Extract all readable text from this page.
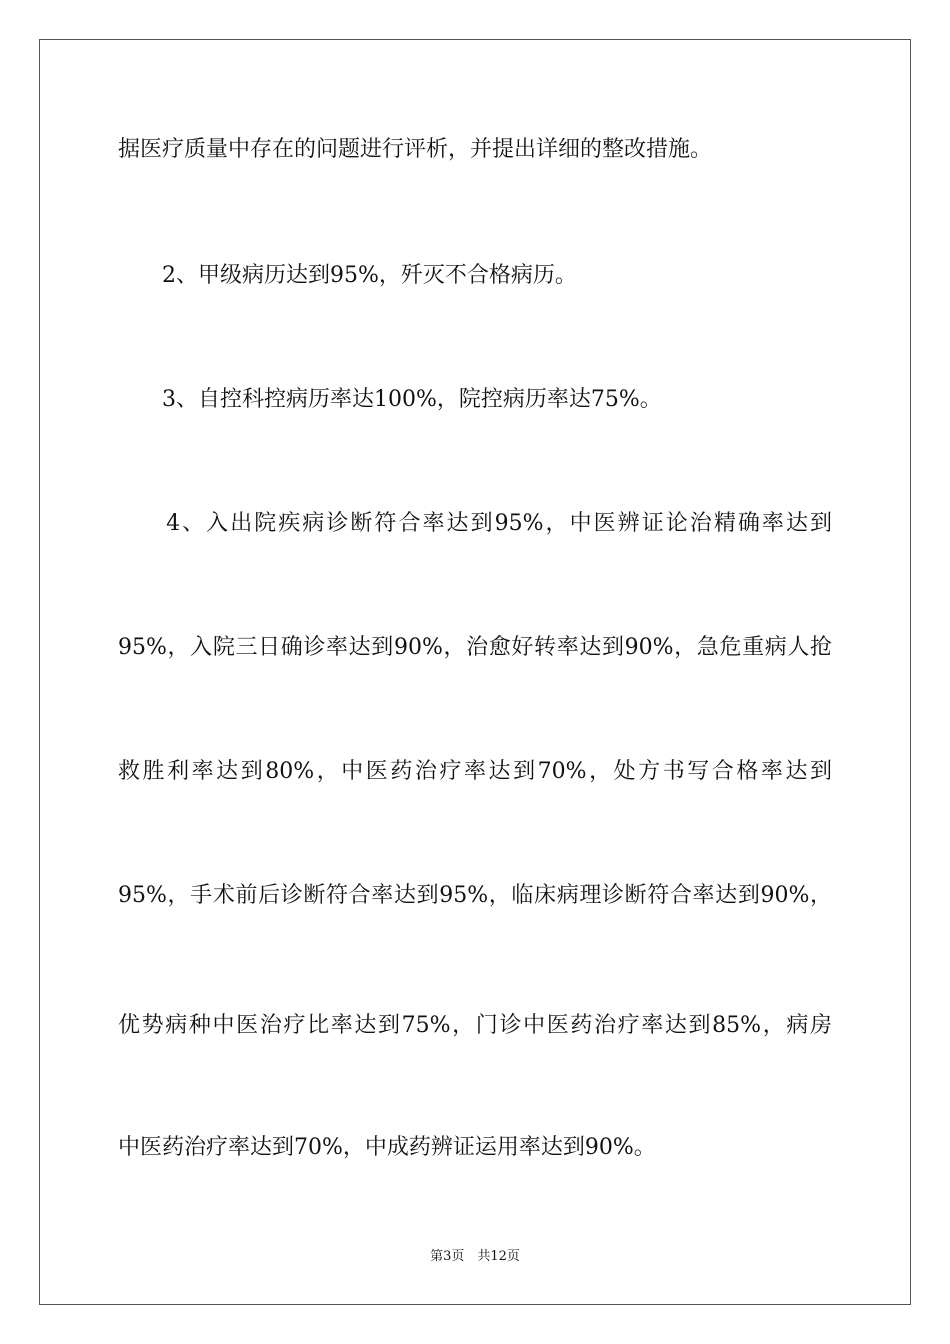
据医疗质量中存在的问题进行评析，并提出详细的整改措施。
　　2、甲级病历达到95%，歼灭不合格病历。
　　3、自控科控病历率达100%，院控病历率达75%。
　　4、入出院疾病诊断符合率达到95%，中医辨证论治精确率达到
95%，入院三日确诊率达到90%，治愈好转率达到90%，急危重病人抢
救胜利率达到80%，中医药治疗率达到70%，处方书写合格率达到
95%，手术前后诊断符合率达到95%，临床病理诊断符合率达到90%，
优势病种中医治疗比率达到75%，门诊中医药治疗率达到85%，病房
中医药治疗率达到70%，中成药辨证运用率达到90%。
第3页　共12页
